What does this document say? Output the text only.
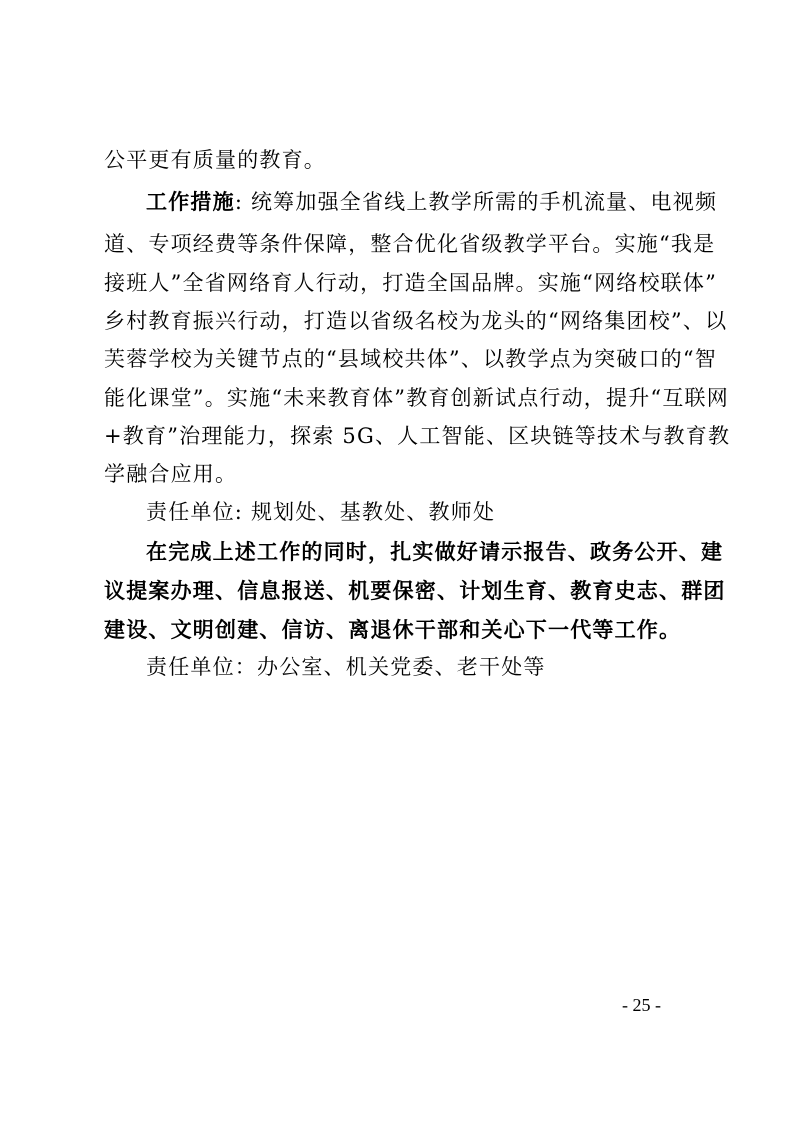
公平更有质量的教育。
工作措施: 统筹加强全省线上教学所需的手机流量、电视频
道、专项经费等条件保障，整合优化省级教学平台。实施“我是
接班人”全省网络育人行动，打造全国品牌。实施“网络校联体”
乡村教育振兴行动，打造以省级名校为龙头的“网络集团校”、以
芙蓉学校为关键节点的“县域校共体”、以教学点为突破口的“智
能化课堂”。实施“未来教育体”教育创新试点行动，提升“互联网
+教育”治理能力，探索 5G、人工智能、区块链等技术与教育教
学融合应用。
责任单位: 规划处、基教处、教师处
在完成上述工作的同时，扎实做好请示报告、政务公开、建
议提案办理、信息报送、机要保密、计划生育、教育史志、群团
建设、文明创建、信访、离退休干部和关心下一代等工作。
责任单位：办公室、机关党委、老干处等
- 25 -
